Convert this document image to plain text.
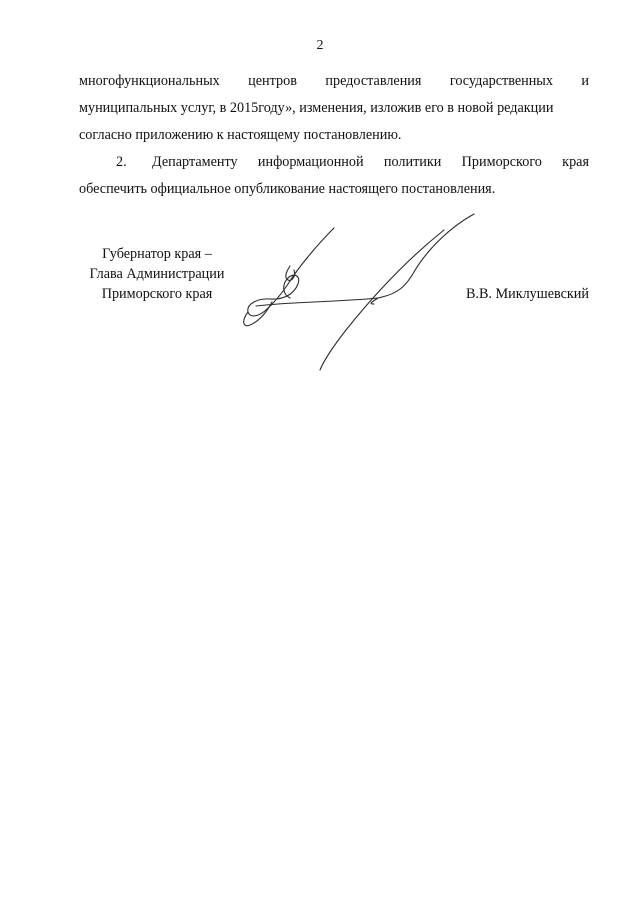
2
многофункциональных центров предоставления государственных и
муниципальных услуг, в 2015году», изменения, изложив его в новой редакции
согласно приложению к настоящему постановлению.
2. Департаменту информационной политики Приморского края
обеспечить официальное опубликование настоящего постановления.
Губернатор края –
Глава Администрации
Приморского края	В.В. Миклушевский
